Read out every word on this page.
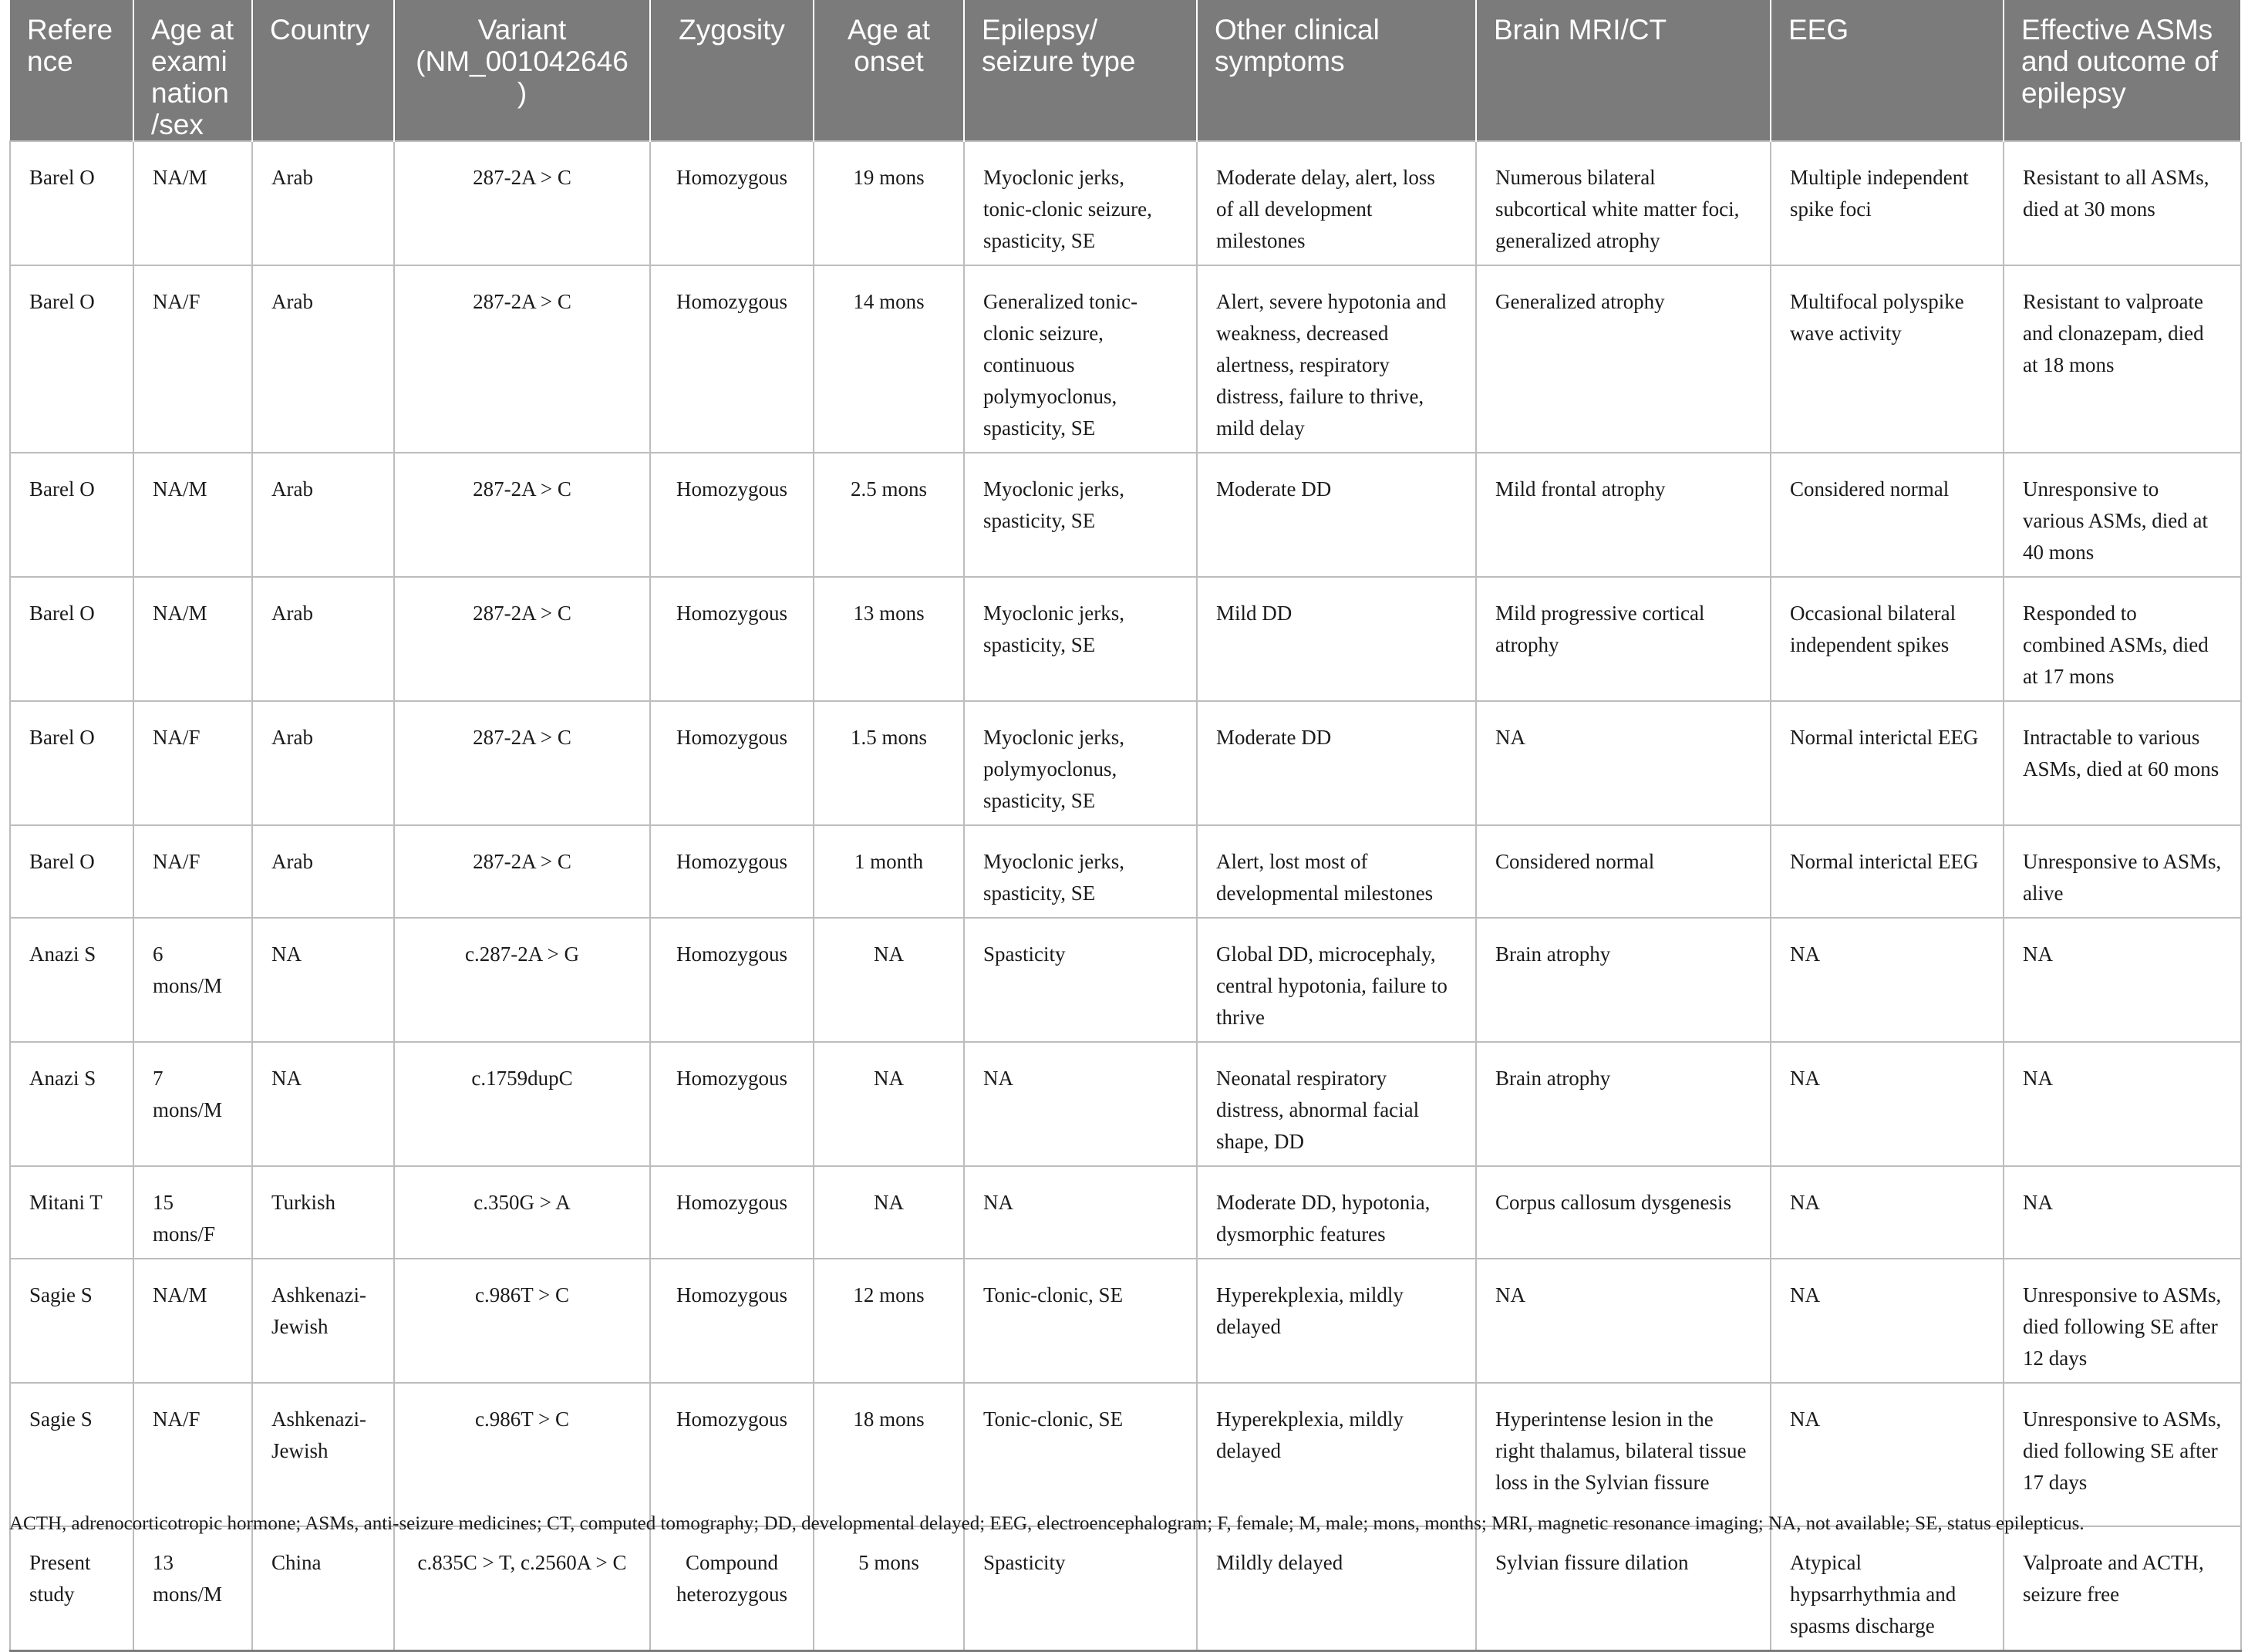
Reference	Age at examination/sex	Country	Variant (NM_001042646)	Zygosity	Age at onset	Epilepsy/ seizure type	Other clinical symptoms	Brain MRI/CT	EEG	Effective ASMs and outcome of epilepsy
Barel O	NA/M	Arab	287-2A > C	Homozygous	19 mons	Myoclonic jerks, tonic-clonic seizure, spasticity, SE	Moderate delay, alert, loss of all development milestones	Numerous bilateral subcortical white matter foci, generalized atrophy	Multiple independent spike foci	Resistant to all ASMs, died at 30 mons
Barel O	NA/F	Arab	287-2A > C	Homozygous	14 mons	Generalized tonic-clonic seizure, continuous polymyoclonus, spasticity, SE	Alert, severe hypotonia and weakness, decreased alertness, respiratory distress, failure to thrive, mild delay	Generalized atrophy	Multifocal polyspike wave activity	Resistant to valproate and clonazepam, died at 18 mons
Barel O	NA/M	Arab	287-2A > C	Homozygous	2.5 mons	Myoclonic jerks, spasticity, SE	Moderate DD	Mild frontal atrophy	Considered normal	Unresponsive to various ASMs, died at 40 mons
Barel O	NA/M	Arab	287-2A > C	Homozygous	13 mons	Myoclonic jerks, spasticity, SE	Mild DD	Mild progressive cortical atrophy	Occasional bilateral independent spikes	Responded to combined ASMs, died at 17 mons
Barel O	NA/F	Arab	287-2A > C	Homozygous	1.5 mons	Myoclonic jerks, polymyoclonus, spasticity, SE	Moderate DD	NA	Normal interictal EEG	Intractable to various ASMs, died at 60 mons
Barel O	NA/F	Arab	287-2A > C	Homozygous	1 month	Myoclonic jerks, spasticity, SE	Alert, lost most of developmental milestones	Considered normal	Normal interictal EEG	Unresponsive to ASMs, alive
Anazi S	6 mons/M	NA	c.287-2A > G	Homozygous	NA	Spasticity	Global DD, microcephaly, central hypotonia, failure to thrive	Brain atrophy	NA	NA
Anazi S	7 mons/M	NA	c.1759dupC	Homozygous	NA	NA	Neonatal respiratory distress, abnormal facial shape, DD	Brain atrophy	NA	NA
Mitani T	15 mons/F	Turkish	c.350G > A	Homozygous	NA	NA	Moderate DD, hypotonia, dysmorphic features	Corpus callosum dysgenesis	NA	NA
Sagie S	NA/M	Ashkenazi-Jewish	c.986T > C	Homozygous	12 mons	Tonic-clonic, SE	Hyperekplexia, mildly delayed	NA	NA	Unresponsive to ASMs, died following SE after 12 days
Sagie S	NA/F	Ashkenazi-Jewish	c.986T > C	Homozygous	18 mons	Tonic-clonic, SE	Hyperekplexia, mildly delayed	Hyperintense lesion in the right thalamus, bilateral tissue loss in the Sylvian fissure	NA	Unresponsive to ASMs, died following SE after 17 days
Present study	13 mons/M	China	c.835C > T, c.2560A > C	Compound heterozygous	5 mons	Spasticity	Mildly delayed	Sylvian fissure dilation	Atypical hypsarrhythmia and spasms discharge	Valproate and ACTH, seizure free
ACTH, adrenocorticotropic hormone; ASMs, anti-seizure medicines; CT, computed tomography; DD, developmental delayed; EEG, electroencephalogram; F, female; M, male; mons, months; MRI, magnetic resonance imaging; NA, not available; SE, status epilepticus.
